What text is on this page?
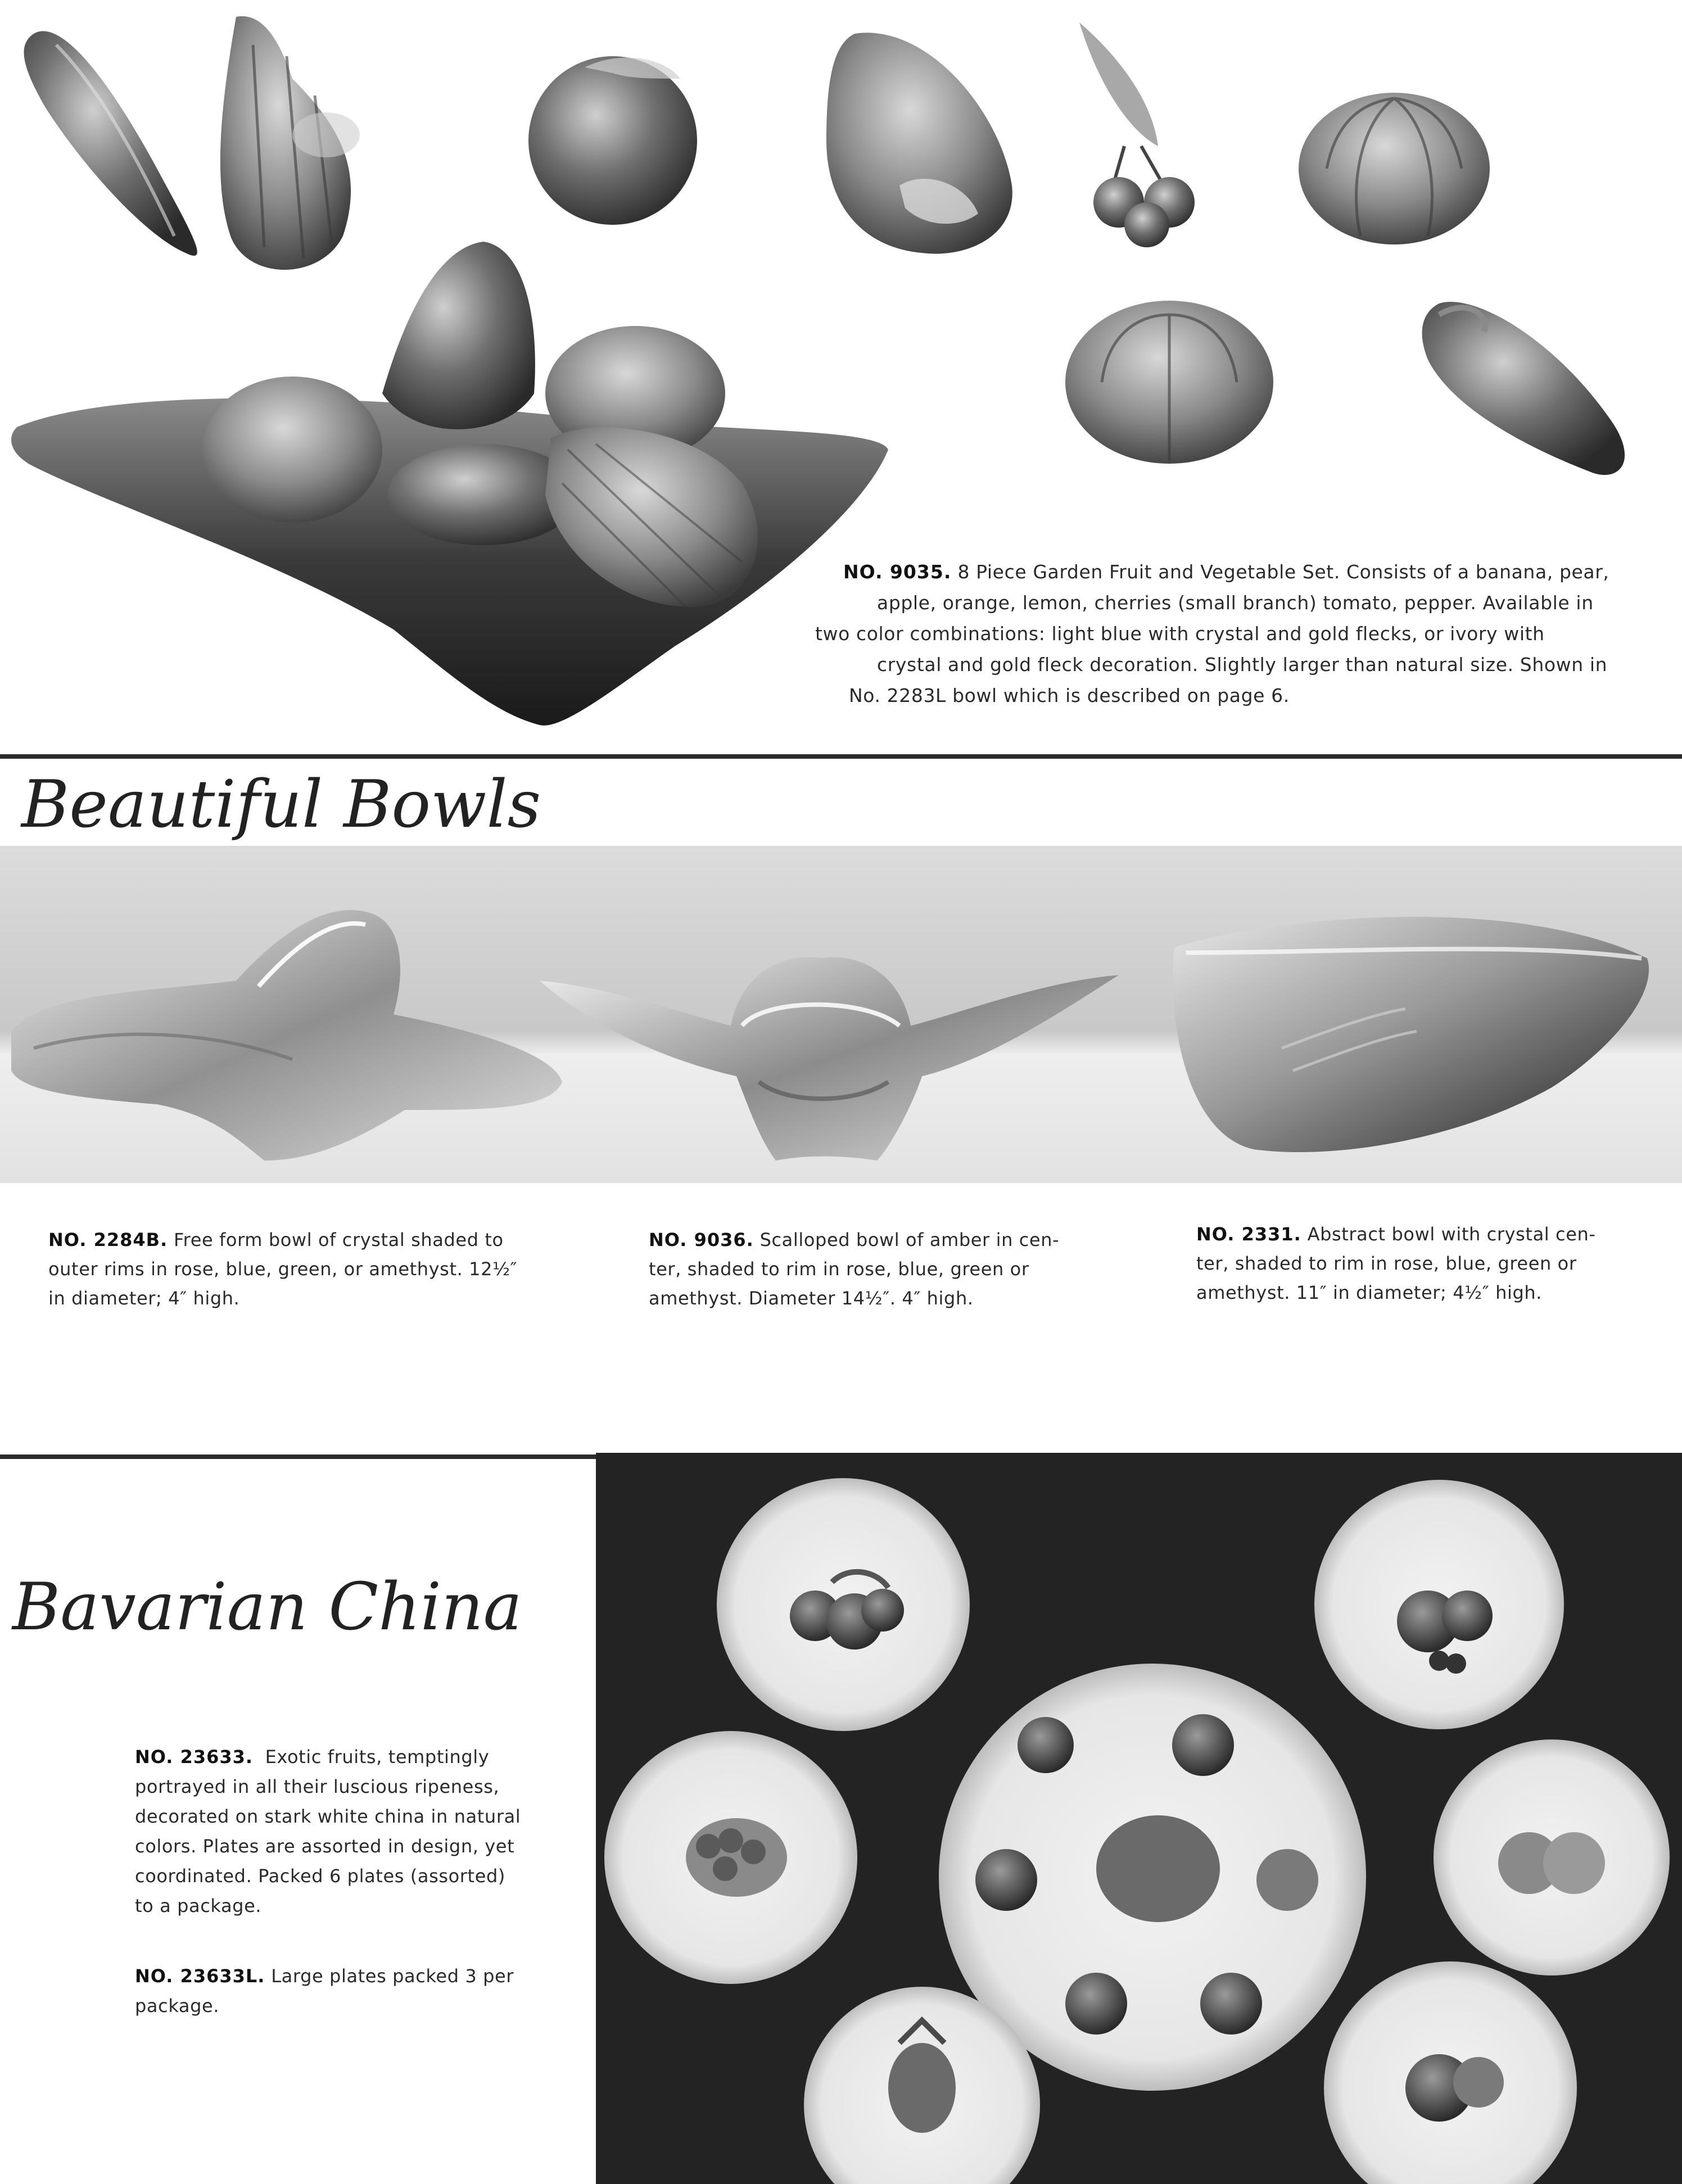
NO. 9035. 8 Piece Garden Fruit and Vegetable Set. Consists of a banana, pear,
apple, orange, lemon, cherries (small branch) tomato, pepper. Available in
two color combinations: light blue with crystal and gold flecks, or ivory with
crystal and gold fleck decoration. Slightly larger than natural size. Shown in
No. 2283L bowl which is described on page 6.
Beautiful Bowls
NO. 2284B. Free form bowl of crystal shaded to
outer rims in rose, blue, green, or amethyst. 12½″
in diameter; 4″ high.
NO. 9036. Scalloped bowl of amber in cen-
ter, shaded to rim in rose, blue, green or
amethyst. Diameter 14½″. 4″ high.
NO. 2331. Abstract bowl with crystal cen-
ter, shaded to rim in rose, blue, green or
amethyst. 11″ in diameter; 4½″ high.
Bavarian China
NO. 23633. Exotic fruits, temptingly
portrayed in all their luscious ripeness,
decorated on stark white china in natural
colors. Plates are assorted in design, yet
coordinated. Packed 6 plates (assorted)
to a package.
NO. 23633L. Large plates packed 3 per
package.
